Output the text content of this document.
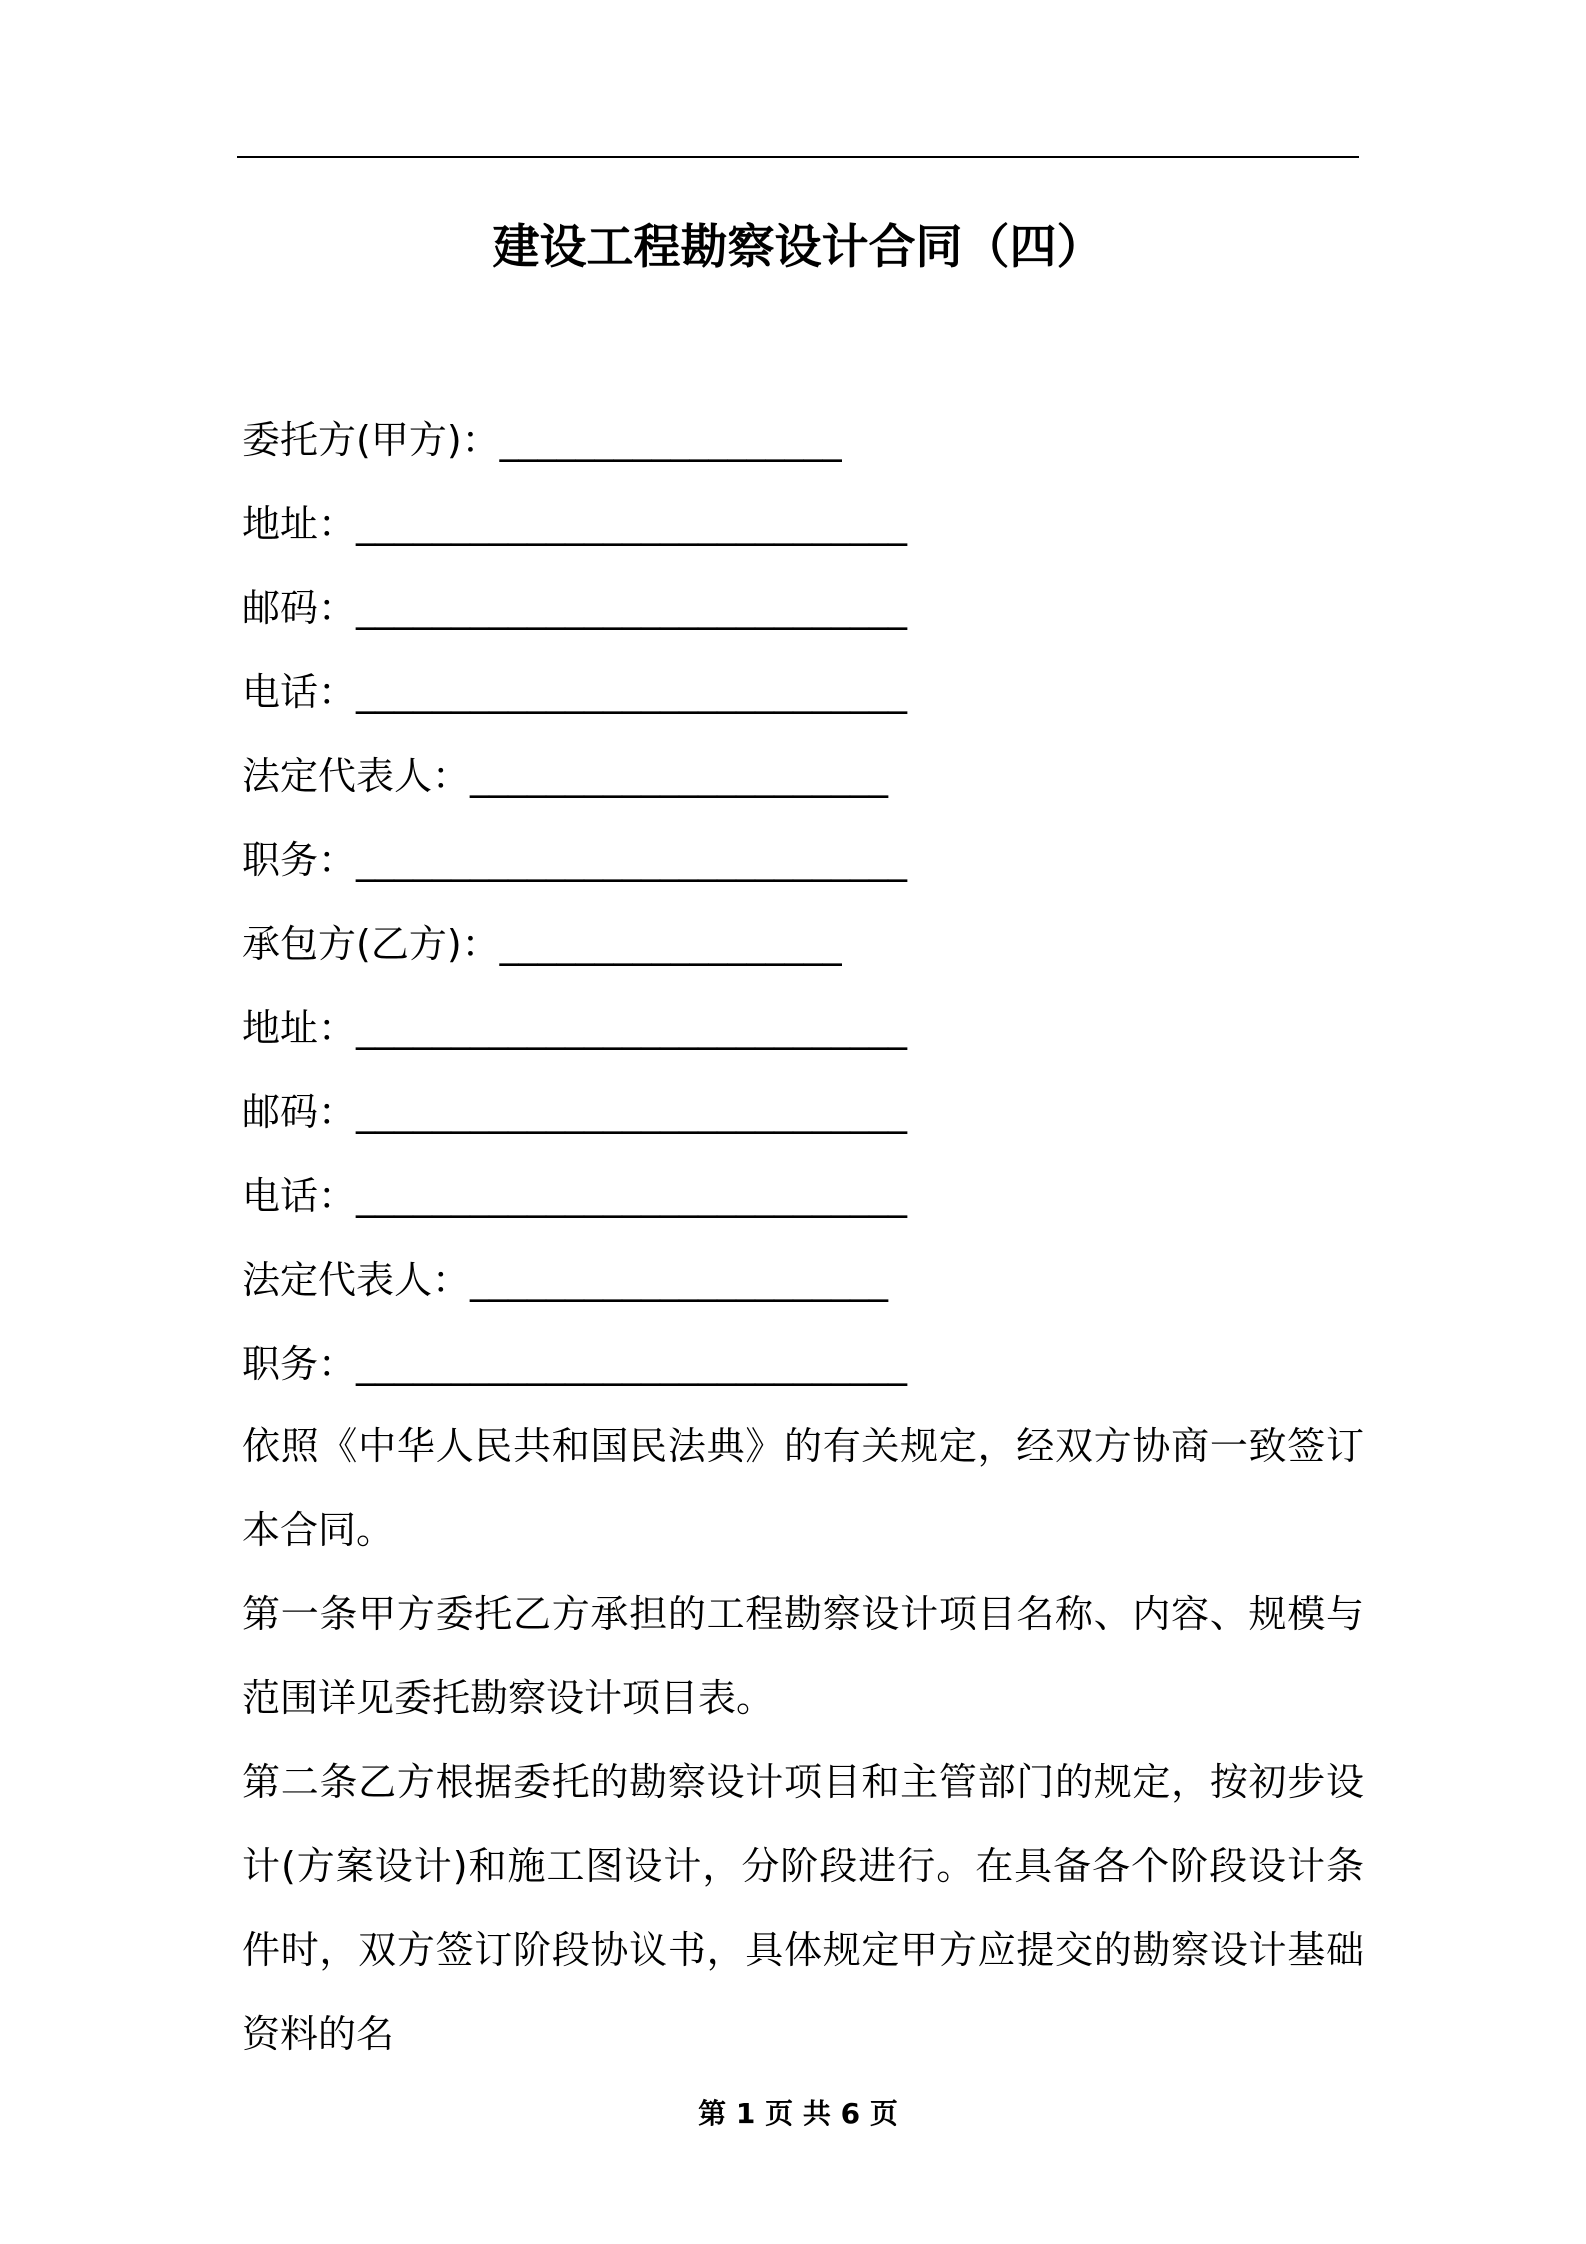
建设工程勘察设计合同（四）
委托方(甲方)：__________________
地址：_____________________________
邮码：_____________________________
电话：_____________________________
法定代表人：______________________
职务：_____________________________
承包方(乙方)：__________________
地址：_____________________________
邮码：_____________________________
电话：_____________________________
法定代表人：______________________
职务：_____________________________

依照《中华人民共和国民法典》的有关规定，经双方协商一致签订本合同。

第一条甲方委托乙方承担的工程勘察设计项目名称、内容、规模与范围详见委托勘察设计项目表。

第二条乙方根据委托的勘察设计项目和主管部门的规定，按初步设计(方案设计)和施工图设计，分阶段进行。在具备各个阶段设计条件时，双方签订阶段协议书，具体规定甲方应提交的勘察设计基础资料的名

第 1 页 共 6 页
